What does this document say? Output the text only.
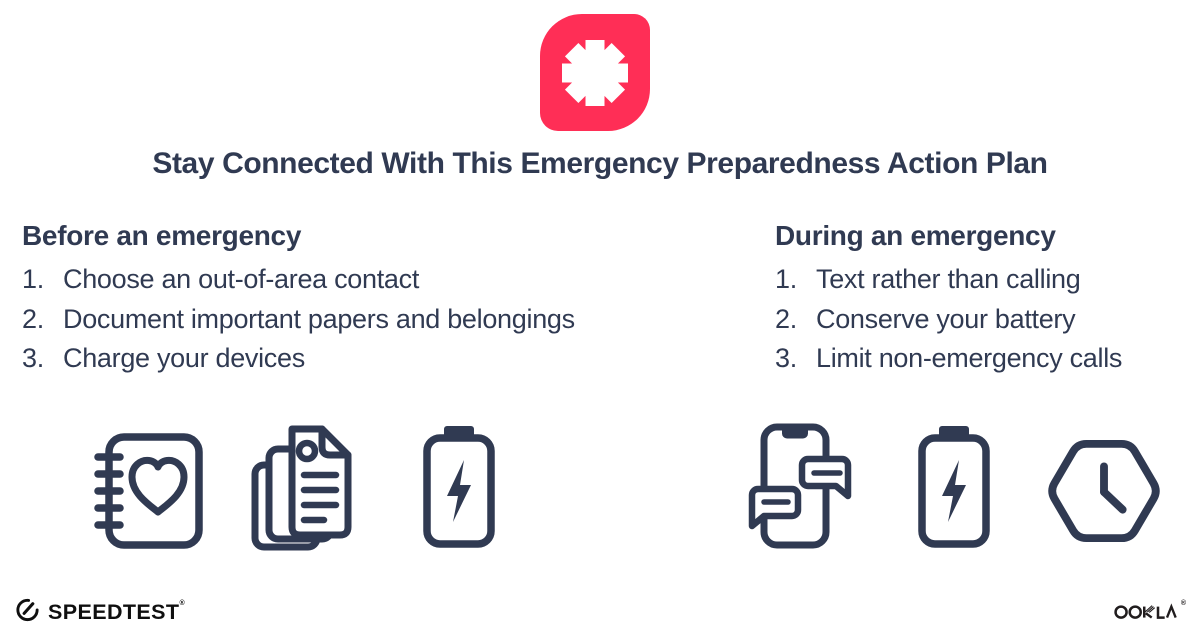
Stay Connected With This Emergency Preparedness Action Plan
Before an emergency
1. Choose an out-of-area contact
2. Document important papers and belongings
3. Charge your devices
During an emergency
1. Text rather than calling
2. Conserve your battery
3. Limit non-emergency calls
SPEEDTEST®	$_®$
